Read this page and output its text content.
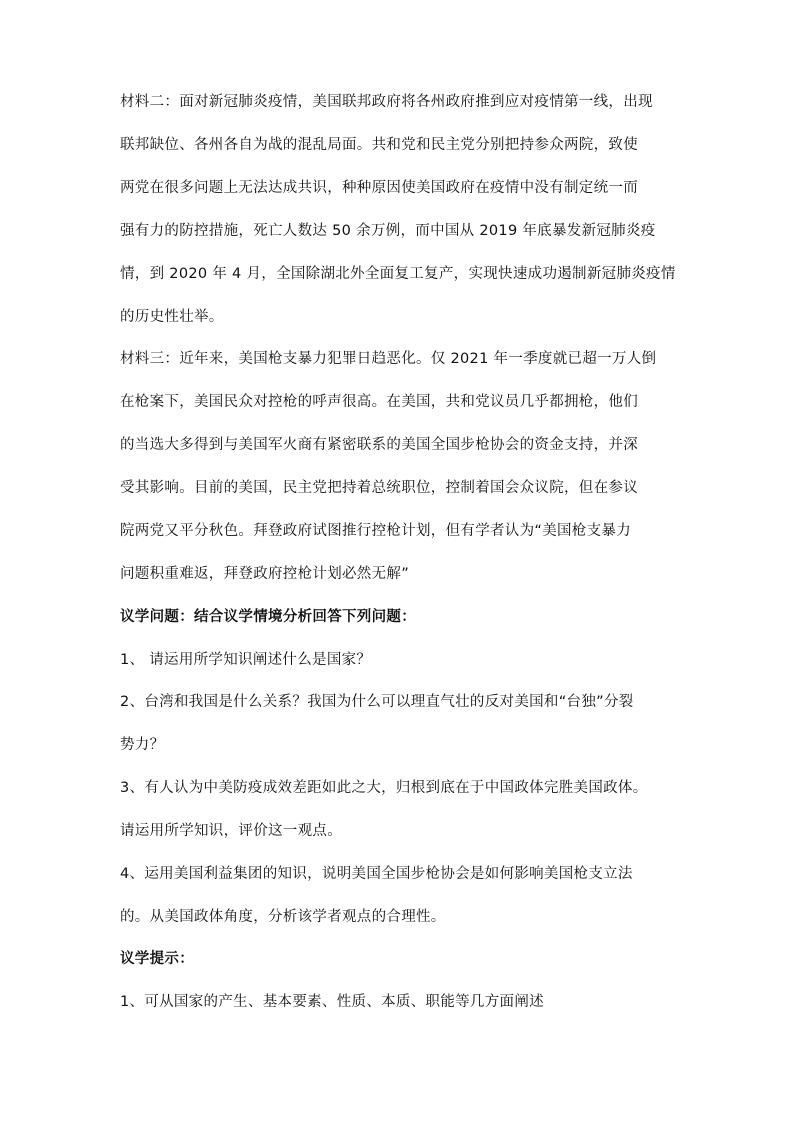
材料二：面对新冠肺炎疫情，美国联邦政府将各州政府推到应对疫情第一线，出现
联邦缺位、各州各自为战的混乱局面。共和党和民主党分别把持参众两院，致使
两党在很多问题上无法达成共识，种种原因使美国政府在疫情中没有制定统一而
强有力的防控措施，死亡人数达 50 余万例，而中国从 2019 年底暴发新冠肺炎疫
情，到 2020 年 4 月，全国除湖北外全面复工复产，实现快速成功遏制新冠肺炎疫情
的历史性壮举。
材料三：近年来，美国枪支暴力犯罪日趋恶化。仅 2021 年一季度就已超一万人倒
在枪案下，美国民众对控枪的呼声很高。在美国，共和党议员几乎都拥枪，他们
的当选大多得到与美国军火商有紧密联系的美国全国步枪协会的资金支持，并深
受其影响。目前的美国，民主党把持着总统职位，控制着国会众议院，但在参议
院两党又平分秋色。拜登政府试图推行控枪计划，但有学者认为“美国枪支暴力
问题积重难返，拜登政府控枪计划必然无解”
议学问题：结合议学情境分析回答下列问题：
1、 请运用所学知识阐述什么是国家？
2、台湾和我国是什么关系？我国为什么可以理直气壮的反对美国和“台独”分裂
势力？
3、有人认为中美防疫成效差距如此之大，归根到底在于中国政体完胜美国政体。
请运用所学知识，评价这一观点。
4、运用美国利益集团的知识，说明美国全国步枪协会是如何影响美国枪支立法
的。从美国政体角度，分析该学者观点的合理性。
议学提示：
1、可从国家的产生、基本要素、性质、本质、职能等几方面阐述
